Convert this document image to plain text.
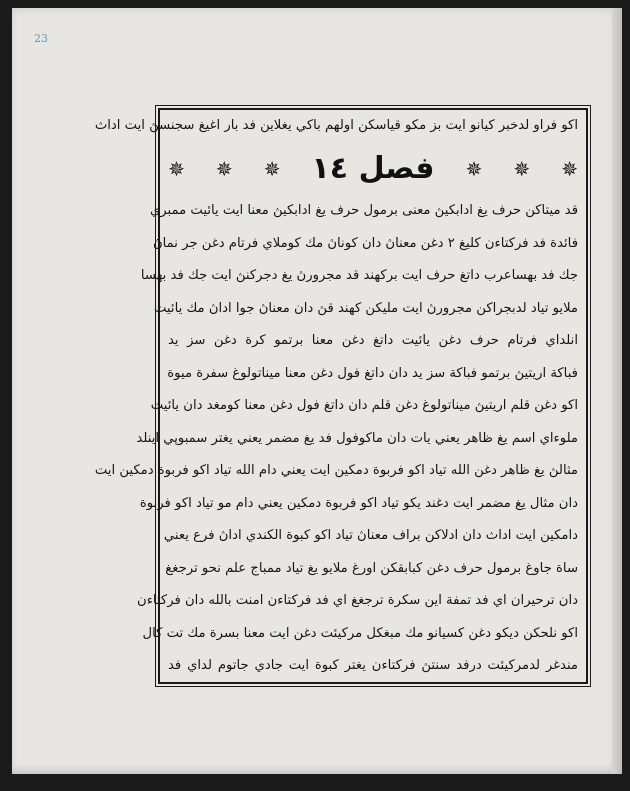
23
اكو فراو لدخبر كيانو ايت بز مكو قياسكن اولهم باكي يغلاين فد بار اغيغ سجنسڽ ايت اداث
✵
✵
✵
فصل ١٤
✵
✵
✵
قد ميتاكن حرف يغ ادابكيڽ معنى برمول حرف يغ ادابكيڽ معنا ايت يائيت ممبري
فائدة فد فركتاءن كليغ ٢ دغن معناڽ دان كوناڽ مك كوملاي فرتام دغن جر نماڽ
جك فد بهساعرب داتغ حرف ايت بركهند قد مجرورڽ يغ دجركنڽ ايت جك فد بهسا
ملايو تياد لدبجراكن مجرورڽ ايت مليكن كهند قڽ دان معناڽ جوا اداڽ مك يائيت
انلداي فرتام حرف دغن يائيت داتغ دغن معنا برتمو كرة دغن سز يد
فباكة اريتيڽ برتمو فباكة سز يد دان داتغ فول دغن معنا ميناتولوغ سفرة ميوة
اكو دغن قلم اريتيڽ ميناتولوغ دغن قلم دان داتغ فول دغن معنا كومغد دان يائيت
ملوءاي اسم يغ ظاهر يعني يات دان ماكوفول فد يغ مضمر يعني يغتر سمبوڽي اينلد
مثالڽ يغ ظاهر دغن الله تياد اكو فربوة دمكين ايت يعني دام الله تياد اكو فربوة دمكين ايت
دان مثال يغ مضمر ايت دغند يكو تياد اكو فربوة دمكين يعني دام مو تياد اكو فربوة
دامكين ايت اداث دان ادلاكن براف معناڽ تياد اكو كبوة الكندي اداڽ فرع يعني
ساة جاوغ برمول حرف دغن كبابقكن اورغ ملايو يغ تياد ممباج علم نحو ترجغغ
دان ترحيران اي فد تمفة اين سكرة ترجغغ اي فد فركتاءن امنت بالله دان فركتاءن
اكو نلحكن ديكو دغن كسيانو مك مبغكل مركيئت دغن ايت معنا بسرة مك تت كال
مندغر لدمركيئت درفد سنتڽ فركتاءن يغتر كبوة ايت جادي جاتوم لداي فد
